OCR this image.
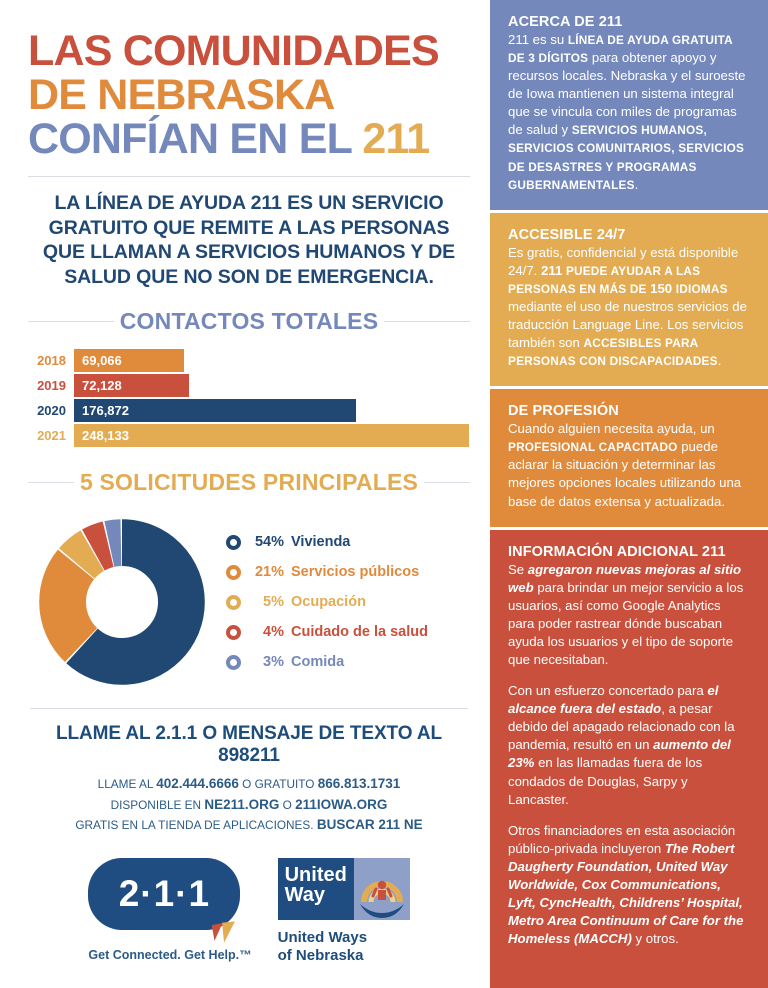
LAS COMUNIDADES
DE NEBRASKA
CONFÍAN EN EL 211
LA LÍNEA DE AYUDA 211 ES UN SERVICIO GRATUITO QUE REMITE A LAS PERSONAS QUE LLAMAN A SERVICIOS HUMANOS Y DE SALUD QUE NO SON DE EMERGENCIA.
CONTACTOS TOTALES
2018	69,066
2019	72,128
2020	176,872
2021	248,133
5 SOLICITUDES PRINCIPALES
54% Vivienda
21% Servicios públicos
5% Ocupación
4% Cuidado de la salud
3% Comida
LLAME AL 2.1.1 O MENSAJE DE TEXTO AL 898211
LLAME AL 402.444.6666 O GRATUITO 866.813.1731
DISPONIBLE EN NE211.ORG O 211IOWA.ORG
GRATIS EN LA TIENDA DE APLICACIONES. BUSCAR 211 NE
2·1·1
Get Connected. Get Help.™
United
Way
United Ways
of Nebraska
ACERCA DE 211

211 es su LÍNEA DE AYUDA GRATUITA DE 3 DÍGITOS para obtener apoyo y recursos locales. Nebraska y el suroeste de Iowa mantienen un sistema integral que se vincula con miles de programas de salud y SERVICIOS HUMANOS, SERVICIOS COMUNITARIOS, SERVICIOS DE DESASTRES Y PROGRAMAS GUBERNAMENTALES.

ACCESIBLE 24/7

Es gratis, confidencial y está disponible 24/7. 211 PUEDE AYUDAR A LAS PERSONAS EN MÁS DE 150 IDIOMAS mediante el uso de nuestros servicios de traducción Language Line. Los servicios también son ACCESIBLES PARA PERSONAS CON DISCAPACIDADES.

DE PROFESIÓN

Cuando alguien necesita ayuda, un PROFESIONAL CAPACITADO puede aclarar la situación y determinar las mejores opciones locales utilizando una base de datos extensa y actualizada.

INFORMACIÓN ADICIONAL 211

Se agregaron nuevas mejoras al sitio web para brindar un mejor servicio a los usuarios, así como Google Analytics para poder rastrear dónde buscaban ayuda los usuarios y el tipo de soporte que necesitaban.

Con un esfuerzo concertado para el alcance fuera del estado, a pesar debido del apagado relacionado con la pandemia, resultó en un aumento del 23% en las llamadas fuera de los condados de Douglas, Sarpy y Lancaster.

Otros financiadores en esta asociación público-privada incluyeron The Robert Daugherty Foundation, United Way Worldwide, Cox Communications, Lyft, CyncHealth, Childrens’ Hospital, Metro Area Continuum of Care for the Homeless (MACCH) y otros.
